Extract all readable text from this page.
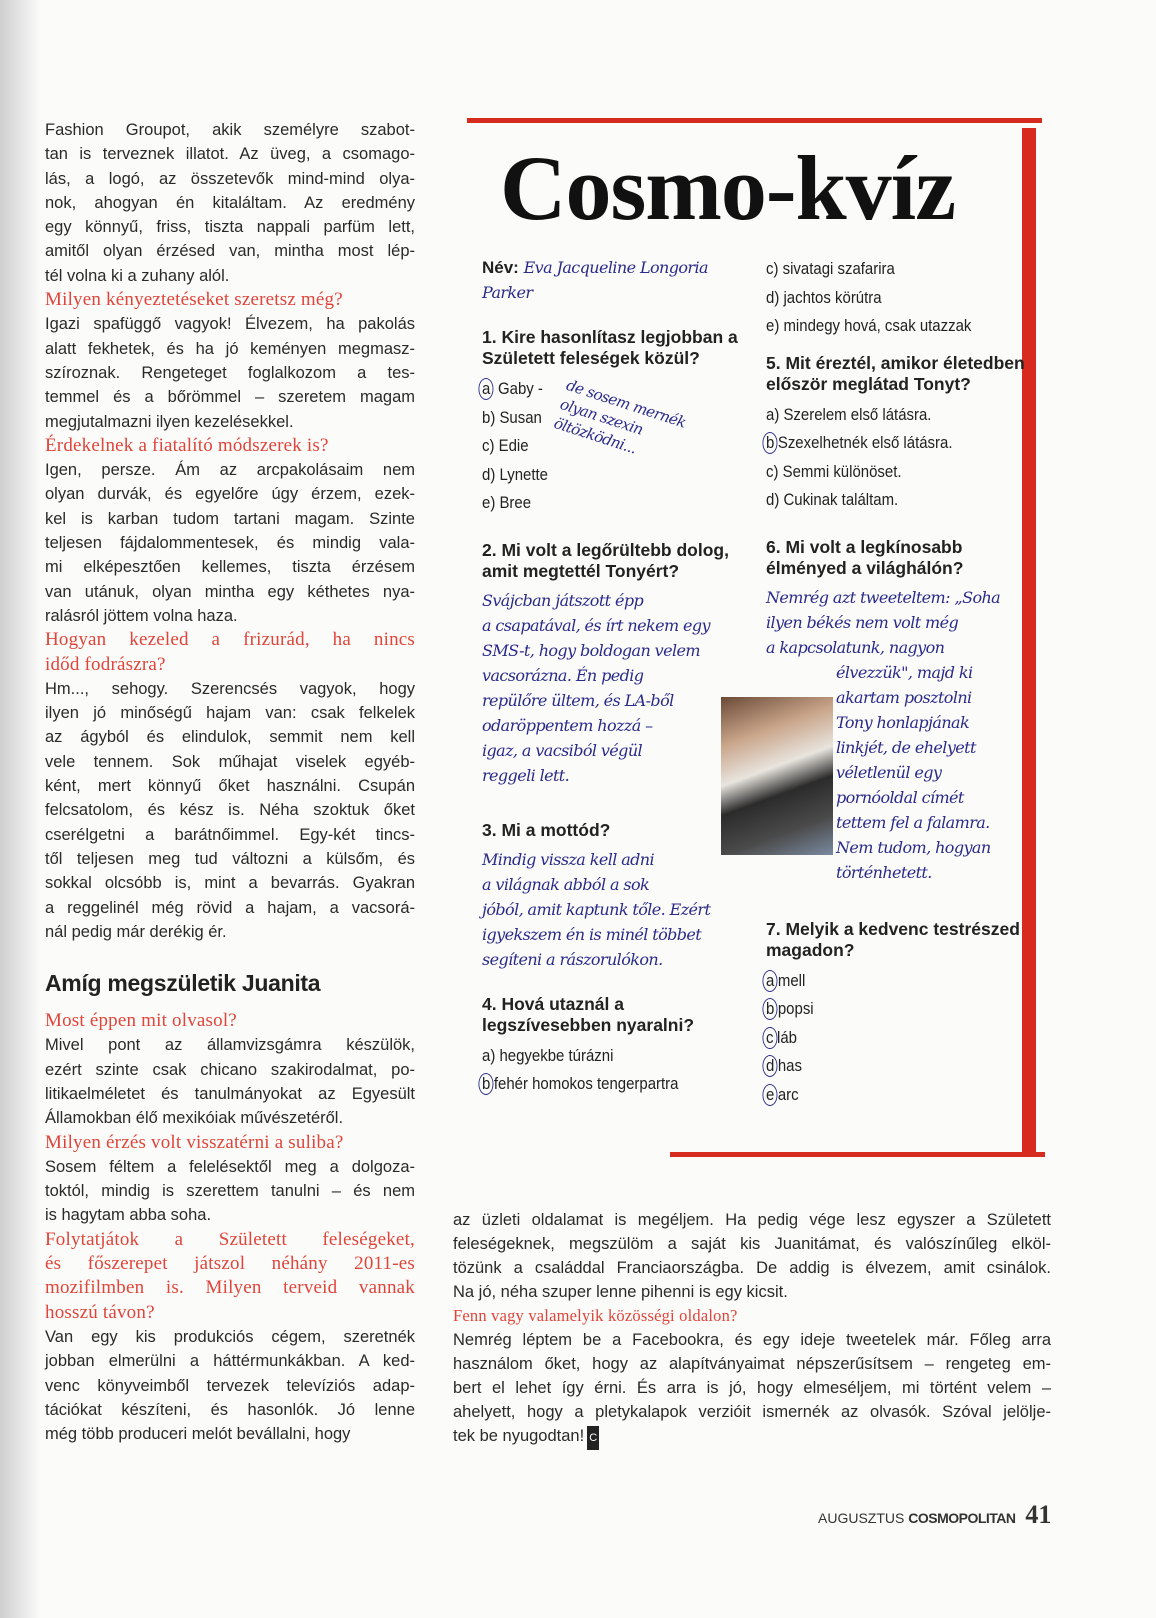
Fashion Groupot, akik személyre szabot-
tan is terveznek illatot. Az üveg, a csomago-
lás, a logó, az összetevők mind-mind olya-
nok, ahogyan én kitaláltam. Az eredmény
egy könnyű, friss, tiszta nappali parfüm lett,
amitől olyan érzésed van, mintha most lép-
tél volna ki a zuhany alól.
Milyen kényeztetéseket szeretsz még?
Igazi spafüggő vagyok! Élvezem, ha pakolás
alatt fekhetek, és ha jó keményen megmasz-
szíroznak. Rengeteget foglalkozom a tes-
temmel és a bőrömmel – szeretem magam
megjutalmazni ilyen kezelésekkel.
Érdekelnek a fiatalító módszerek is?
Igen, persze. Ám az arcpakolásaim nem
olyan durvák, és egyelőre úgy érzem, ezek-
kel is karban tudom tartani magam. Szinte
teljesen fájdalommentesek, és mindig vala-
mi elképesztően kellemes, tiszta érzésem
van utánuk, olyan mintha egy kéthetes nya-
ralásról jöttem volna haza.
Hogyan kezeled a frizurád, ha nincs
időd fodrászra?
Hm..., sehogy. Szerencsés vagyok, hogy
ilyen jó minőségű hajam van: csak felkelek
az ágyból és elindulok, semmit nem kell
vele tennem. Sok műhajat viselek egyéb-
ként, mert könnyű őket használni. Csupán
felcsatolom, és kész is. Néha szoktuk őket
cserélgetni a barátnőimmel. Egy-két tincs-
től teljesen meg tud változni a külsőm, és
sokkal olcsóbb is, mint a bevarrás. Gyakran
a reggelinél még rövid a hajam, a vacsorá-
nál pedig már derékig ér.
Amíg megszületik Juanita
Most éppen mit olvasol?
Mivel pont az államvizsgámra készülök,
ezért szinte csak chicano szakirodalmat, po-
litikaelméletet és tanulmányokat az Egyesült
Államokban élő mexikóiak művészetéről.
Milyen érzés volt visszatérni a suliba?
Sosem féltem a felelésektől meg a dolgoza-
toktól, mindig is szerettem tanulni – és nem
is hagytam abba soha.
Folytatjátok a Született feleségeket,
és főszerepet játszol néhány 2011-es
mozifilmben is. Milyen terveid vannak
hosszú távon?
Van egy kis produkciós cégem, szeretnék
jobban elmerülni a háttérmunkákban. A ked-
venc könyveimből tervezek televíziós adap-
tációkat készíteni, és hasonlók. Jó lenne
még több produceri melót bevállalni, hogy
Cosmo-kvíz
Név: Eva Jacqueline Longoria Parker
1. Kire hasonlítasz legjobban a Született feleségek közül?
a Gaby -
b) Susan
c) Edie
d) Lynette
e) Bree
de sosem mernék olyan szexin öltözködni...
2. Mi volt a legőrültebb dolog, amit megtettél Tonyért?
Svájcban játszott épp
a csapatával, és írt nekem egy
SMS-t, hogy boldogan velem
vacsorázna. Én pedig
repülőre ültem, és LA-ből
odaröppentem hozzá –
igaz, a vacsiból végül
reggeli lett.
3. Mi a mottód?
Mindig vissza kell adni
a világnak abból a sok
jóból, amit kaptunk tőle. Ezért
igyekszem én is minél többet
segíteni a rászorulókon.
4. Hová utaznál a legszívesebben nyaralni?
a) hegyekbe túrázni
b fehér homokos tengerpartra
c) sivatagi szafarira
d) jachtos körútra
e) mindegy hová, csak utazzak
5. Mit éreztél, amikor életedben először meglátad Tonyt?
a) Szerelem első látásra.
b Szexelhetnék első látásra.
c) Semmi különöset.
d) Cukinak találtam.
6. Mi volt a legkínosabb élményed a világhálón?
Nemrég azt tweeteltem: „Soha
ilyen békés nem volt még
a kapcsolatunk, nagyon
élvezzük", majd ki
akartam posztolni
Tony honlapjának
linkjét, de ehelyett
véletlenül egy
pornóoldal címét
tettem fel a falamra.
Nem tudom, hogyan
történhetett.
7. Melyik a kedvenc testrészed magadon?
a mell
b popsi
c láb
d has
e arc
az üzleti oldalamat is megéljem. Ha pedig vége lesz egyszer a Született
feleségeknek, megszülöm a saját kis Juanitámat, és valószínűleg elköl-
tözünk a családdal Franciaországba. De addig is élvezem, amit csinálok.
Na jó, néha szuper lenne pihenni is egy kicsit.
Fenn vagy valamelyik közösségi oldalon?
Nemrég léptem be a Facebookra, és egy ideje tweetelek már. Főleg arra
használom őket, hogy az alapítványaimat népszerűsítsem – rengeteg em-
bert el lehet így érni. És arra is jó, hogy elmeséljem, mi történt velem –
ahelyett, hogy a pletykalapok verzióit ismernék az olvasók. Szóval jelölje-
tek be nyugodtan! C
AUGUSZTUS COSMOPOLITAN 41
